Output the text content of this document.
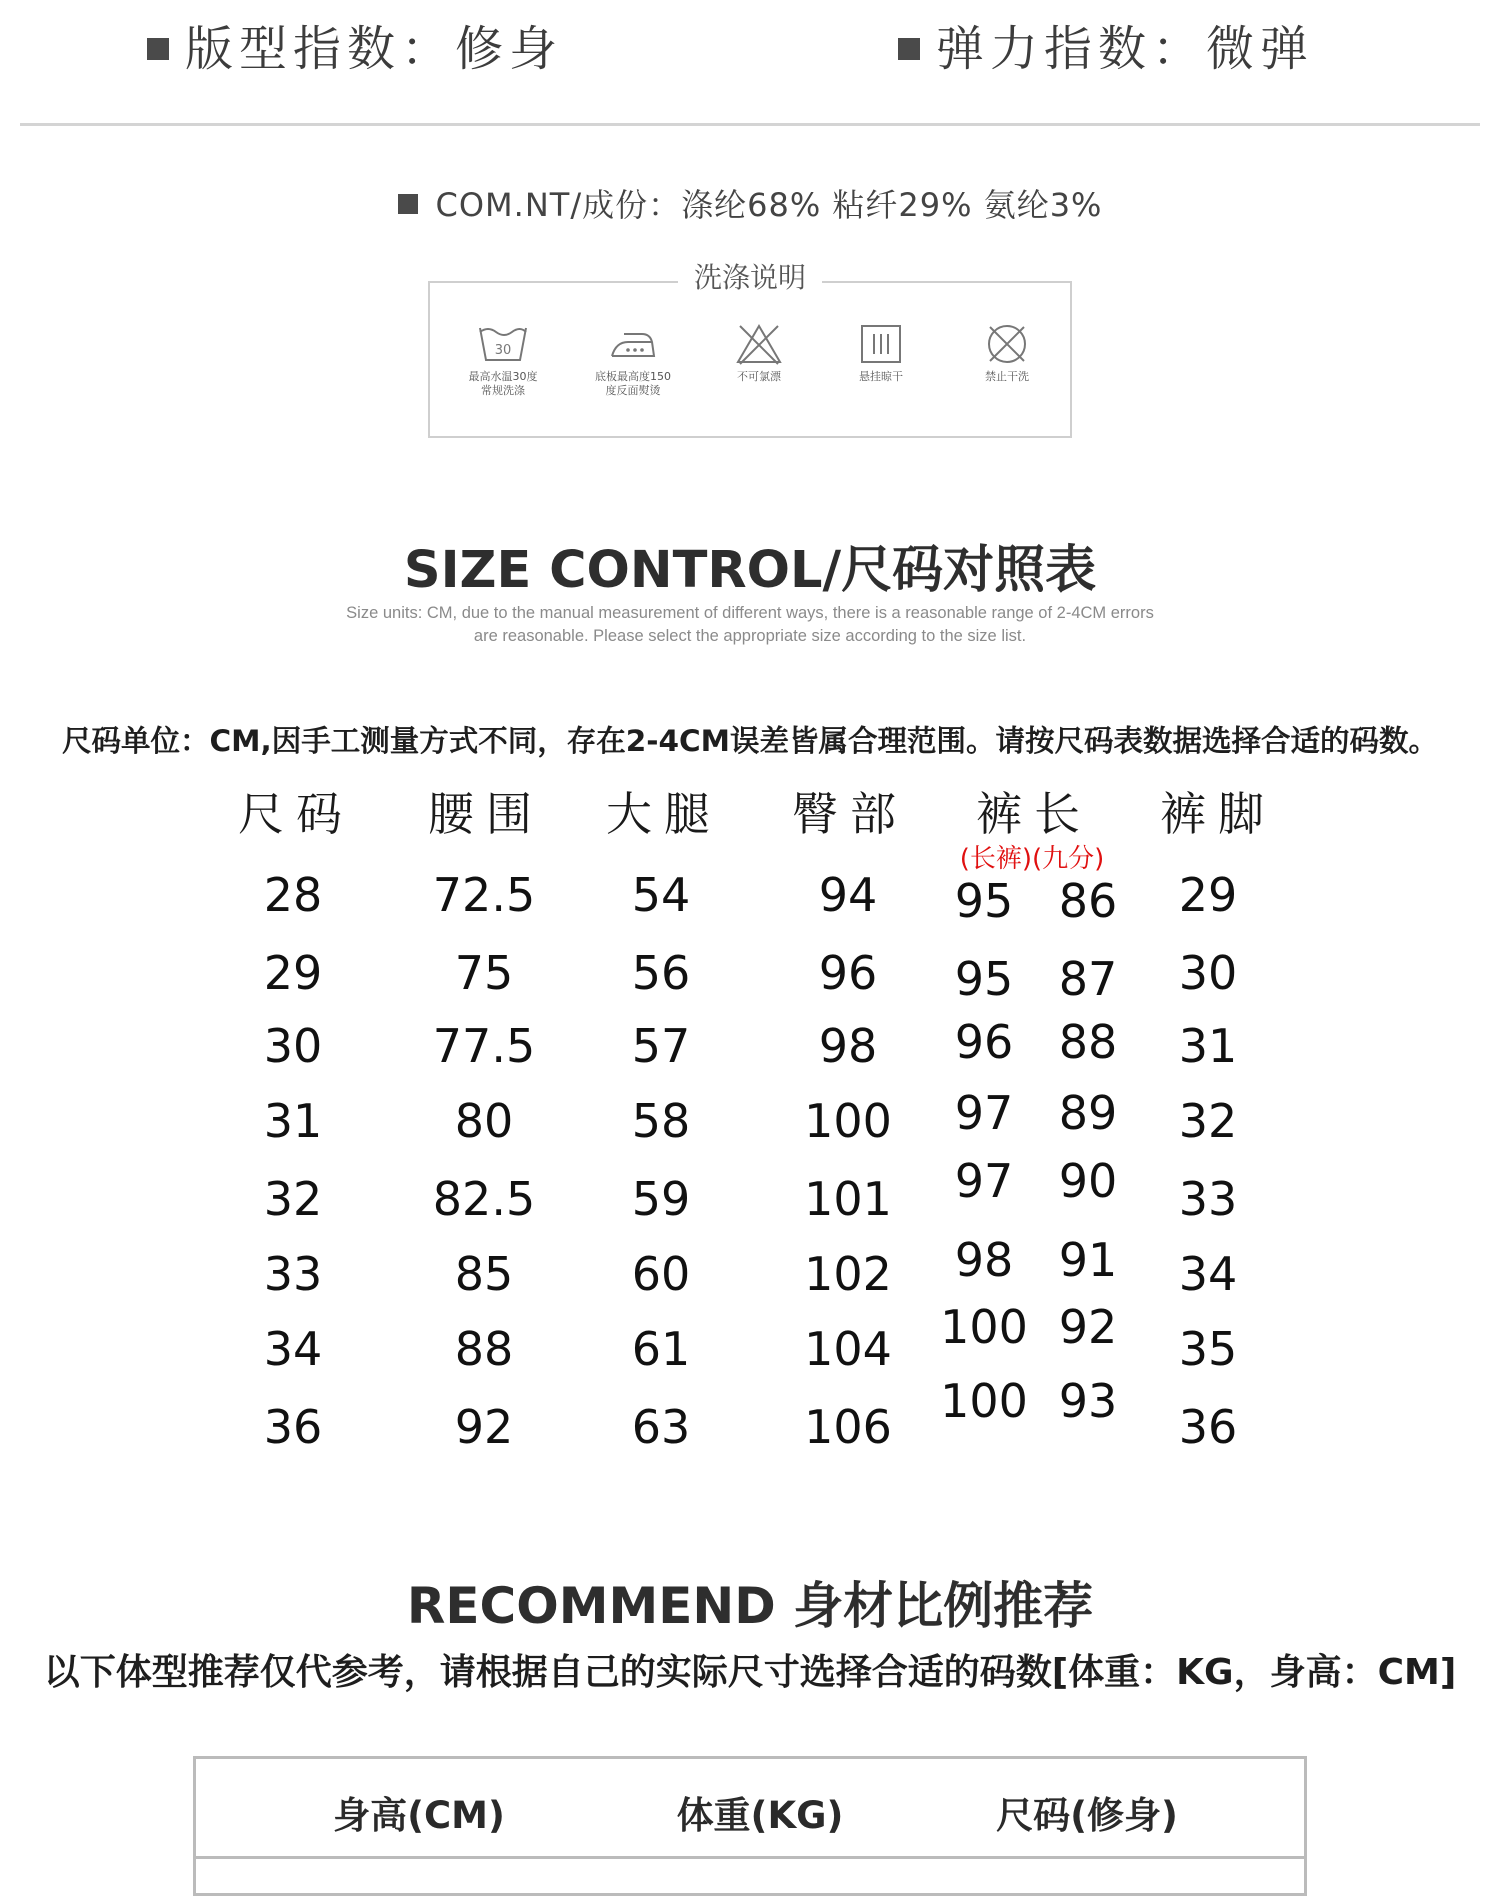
版型指数：修身	弹力指数：微弹
COM.NT/成份：涤纶68% 粘纤29% 氨纶3%
洗涤说明
30
最高水温30度
常规洗涤
底板最高度150
度反面熨烫
不可氯漂	悬挂晾干	禁止干洗
SIZE CONTROL/尺码对照表
Size units: CM, due to the manual measurement of different ways, there is a reasonable range of 2-4CM errors
are reasonable. Please select the appropriate size according to the size list.
尺码单位：CM,因手工测量方式不同，存在2-4CM误差皆属合理范围。请按尺码表数据选择合适的码数。
尺码 腰围 大腿 臀部 裤长 裤脚
(长裤)(九分)
28 72.5 54	94 95 86 29
29	75	56	96 95 87 30
30 77.5 57	98 96 88 31
31	80	58 100 97 89 32
32 82.5 59 101 97 90 33
33	85	60 102 98 91 34
34	88	61 104 100 92 35
36	92	63 106 100 93 36
RECOMMEND 身材比例推荐
以下体型推荐仅代参考，请根据自己的实际尺寸选择合适的码数[体重：KG，身高：CM]
身高(CM)	体重(KG)	尺码(修身)
